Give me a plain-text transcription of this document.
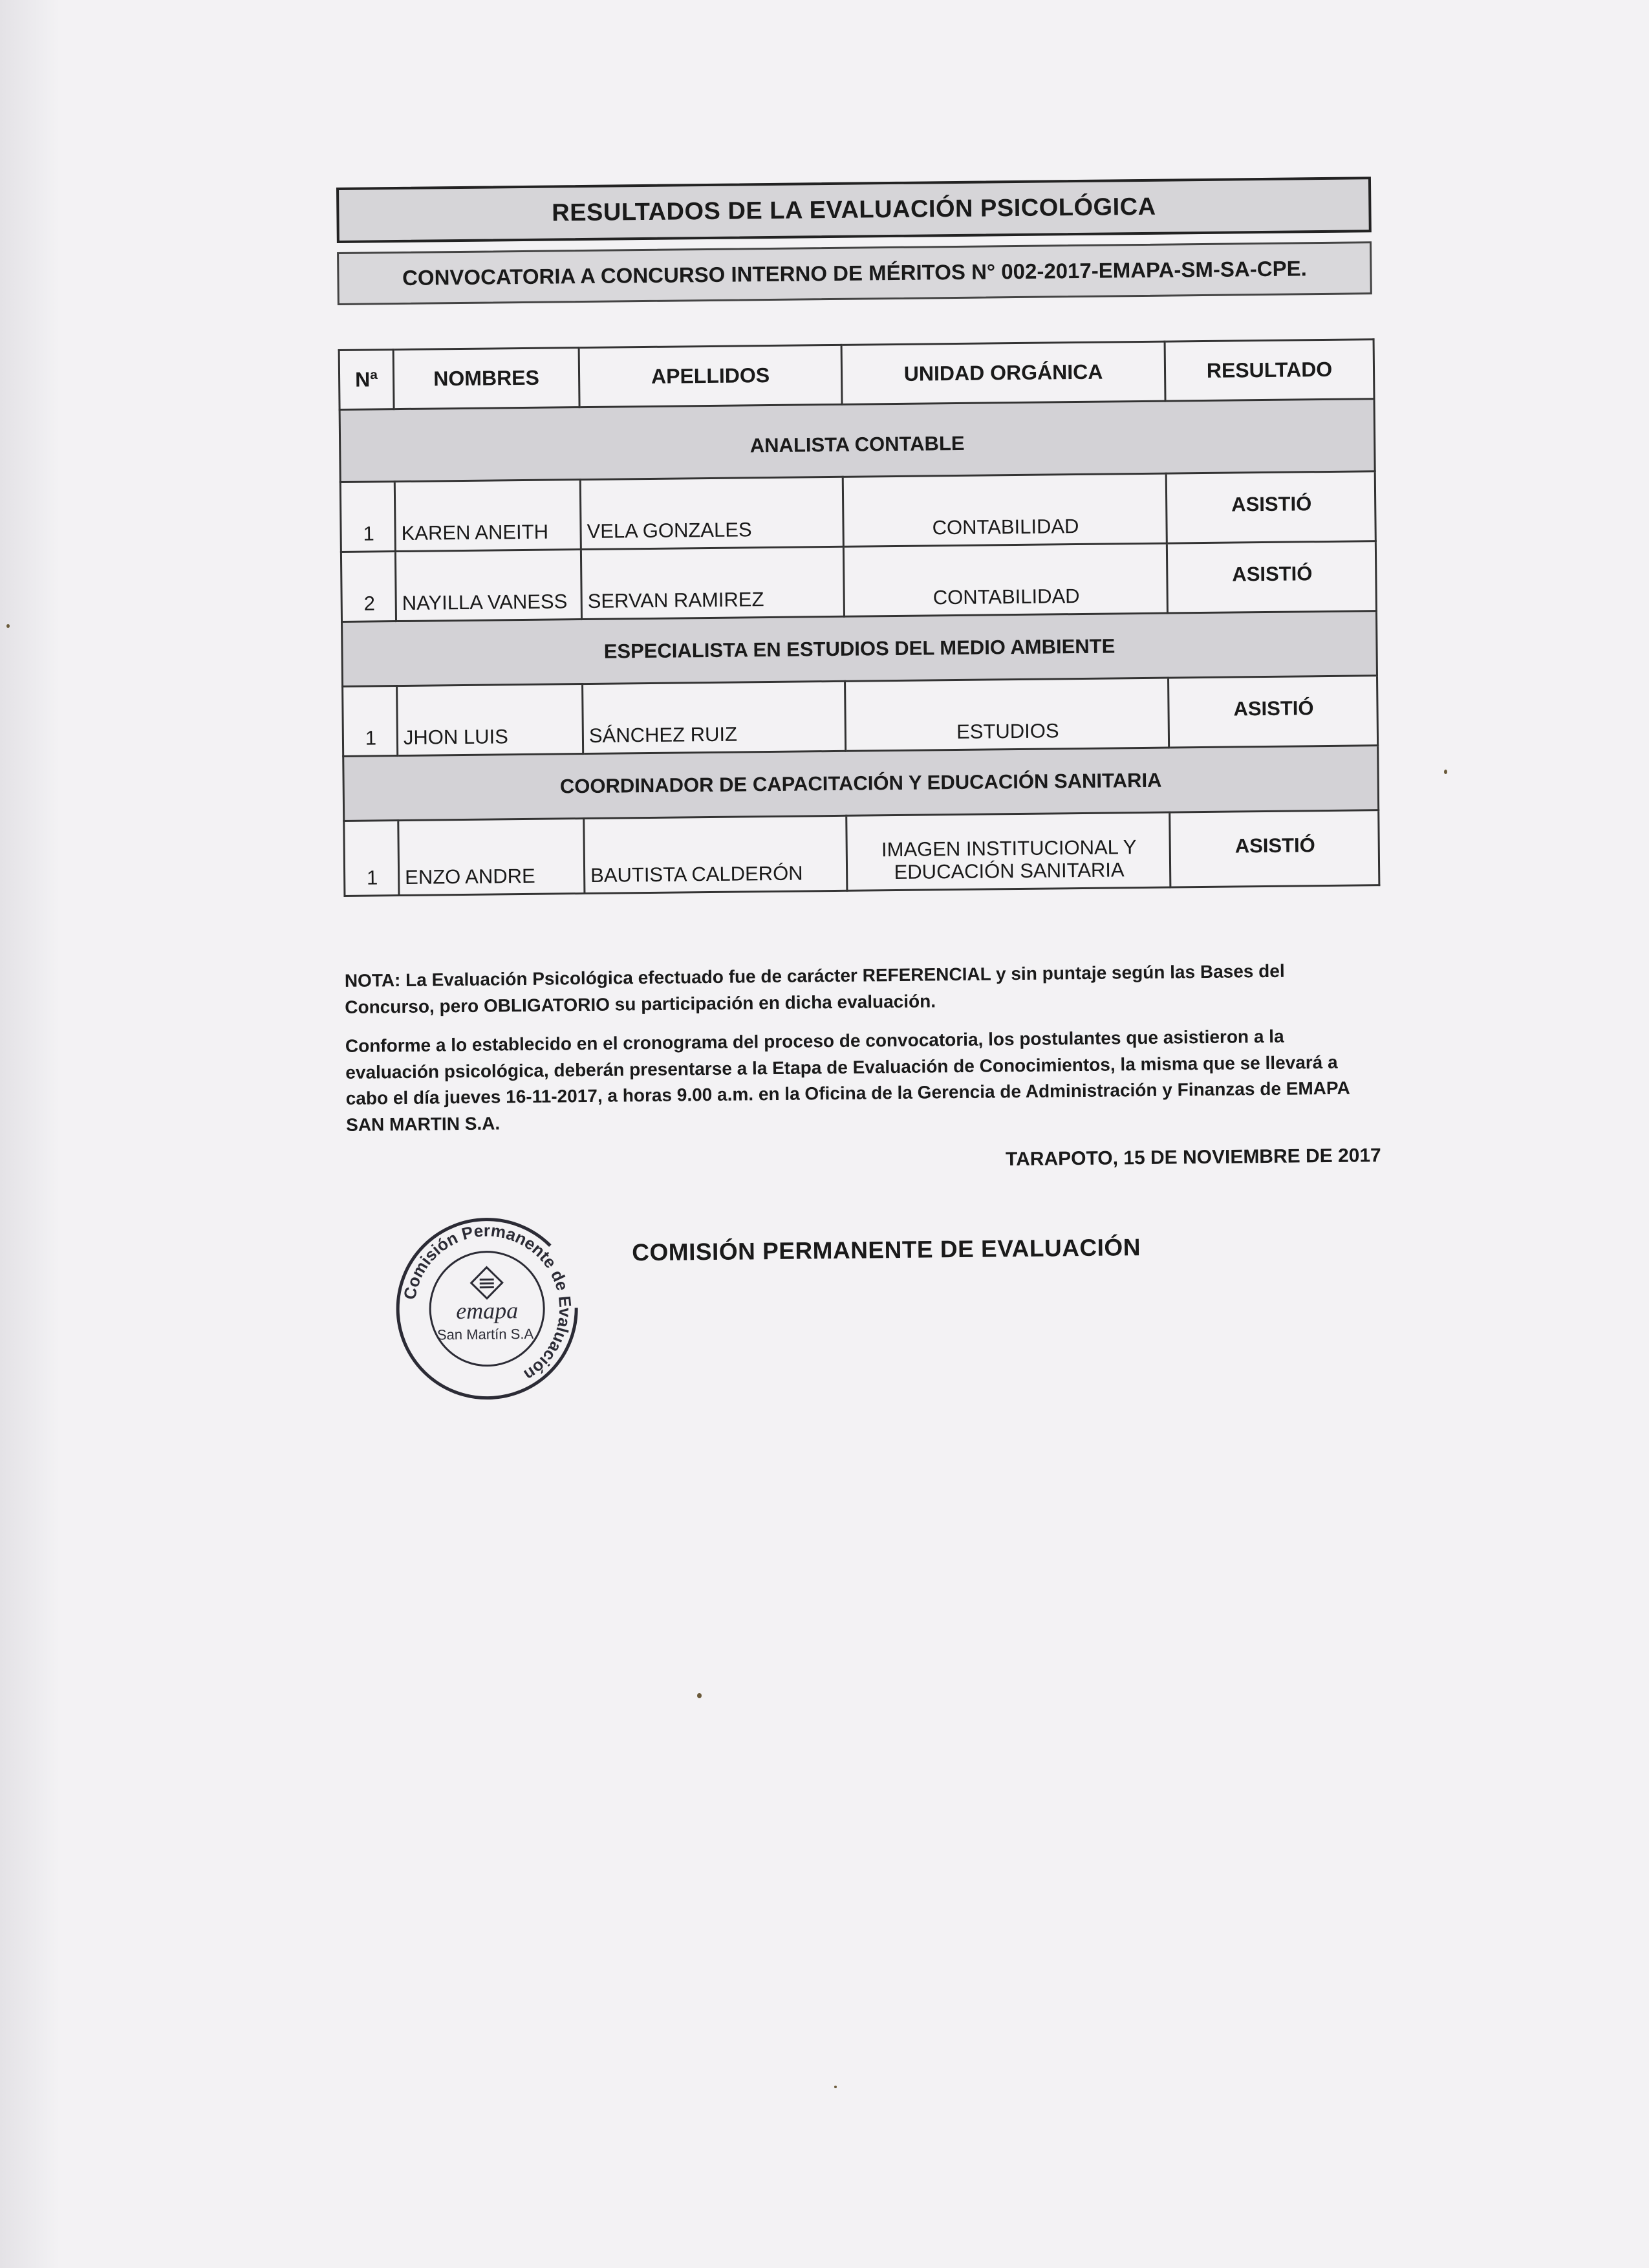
RESULTADOS DE LA EVALUACIÓN PSICOLÓGICA
CONVOCATORIA A CONCURSO INTERNO DE MÉRITOS N° 002-2017-EMAPA-SM-SA-CPE.
Nª	NOMBRES	APELLIDOS	UNIDAD ORGÁNICA	RESULTADO
ANALISTA CONTABLE				
1	KAREN ANEITH	VELA GONZALES	CONTABILIDAD	ASISTIÓ
2	NAYILLA VANESS	SERVAN RAMIREZ	CONTABILIDAD	ASISTIÓ
ESPECIALISTA EN ESTUDIOS DEL MEDIO AMBIENTE				
1	JHON LUIS	SÁNCHEZ RUIZ	ESTUDIOS	ASISTIÓ
COORDINADOR DE CAPACITACIÓN Y EDUCACIÓN SANITARIA				
1	ENZO ANDRE	BAUTISTA CALDERÓN	IMAGEN INSTITUCIONAL Y
EDUCACIÓN SANITARIA	ASISTIÓ

NOTA: La Evaluación Psicológica efectuado fue de carácter REFERENCIAL y sin puntaje según las Bases del Concurso, pero OBLIGATORIO su participación en dicha evaluación.

Conforme a lo establecido en el cronograma del proceso de convocatoria, los postulantes que asistieron a la evaluación psicológica, deberán presentarse a la Etapa de Evaluación de Conocimientos, la misma que se llevará a cabo el día jueves 16-11-2017, a horas 9.00 a.m. en la Oficina de la Gerencia de Administración y Finanzas de EMAPA SAN MARTIN S.A.

TARAPOTO, 15 DE NOVIEMBRE DE 2017
Comisión Permanente de Evaluación
emapa
San Martín S.A.
COMISIÓN PERMANENTE DE EVALUACIÓN
